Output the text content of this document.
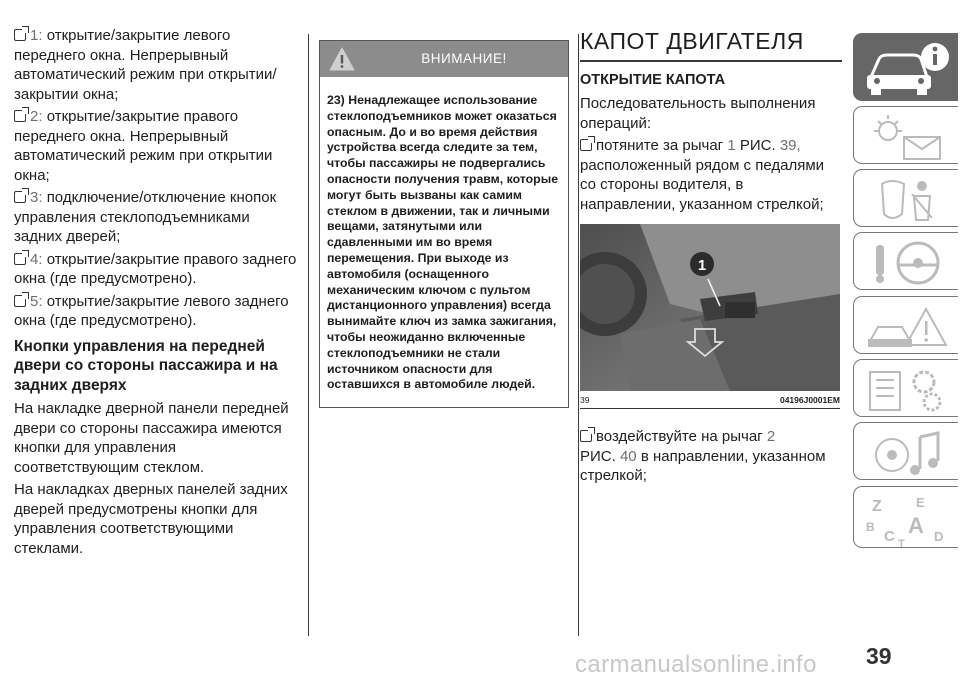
1: открытие/закрытие левого переднего окна. Непрерывный автоматический режим при открытии/закрытии окна;

2: открытие/закрытие правого переднего окна. Непрерывный автоматический режим при открытии окна;

3: подключение/отключение кнопок управления стеклоподъемниками задних дверей;

4: открытие/закрытие правого заднего окна (где предусмотрено).

5: открытие/закрытие левого заднего окна (где предусмотрено).

Кнопки управления на передней двери со стороны пассажира и на задних дверях

На накладке дверной панели передней двери со стороны пассажира имеются кнопки для управления соответствующим стеклом.

На накладках дверных панелей задних дверей предусмотрены кнопки для управления соответствующими стеклами.

ВНИМАНИЕ!
23) Ненадлежащее использование стеклоподъемников может оказаться опасным. До и во время действия устройства всегда следите за тем, чтобы пассажиры не подвергались опасности получения травм, которые могут быть вызваны как самим стеклом в движении, так и личными вещами, затянутыми или сдавленными им во время перемещения. При выходе из автомобиля (оснащенного механическим ключом с пультом дистанционного управления) всегда вынимайте ключ из замка зажигания, чтобы неожиданно включенные стеклоподъемники не стали источником опасности для оставшихся в автомобиле людей.
КАПОТ ДВИГАТЕЛЯ
ОТКРЫТИЕ КАПОТА

Последовательность выполнения операций:

потяните за рычаг 1 РИС. 39, расположенный рядом с педалями со стороны водителя, в направлении, указанном стрелкой;

1
39	04196J0001EM

воздействуйте на рычаг 2
РИС. 40 в направлении, указанном стрелкой;

Z	E
B A
C	D
T
39
carmanualsonline.info
